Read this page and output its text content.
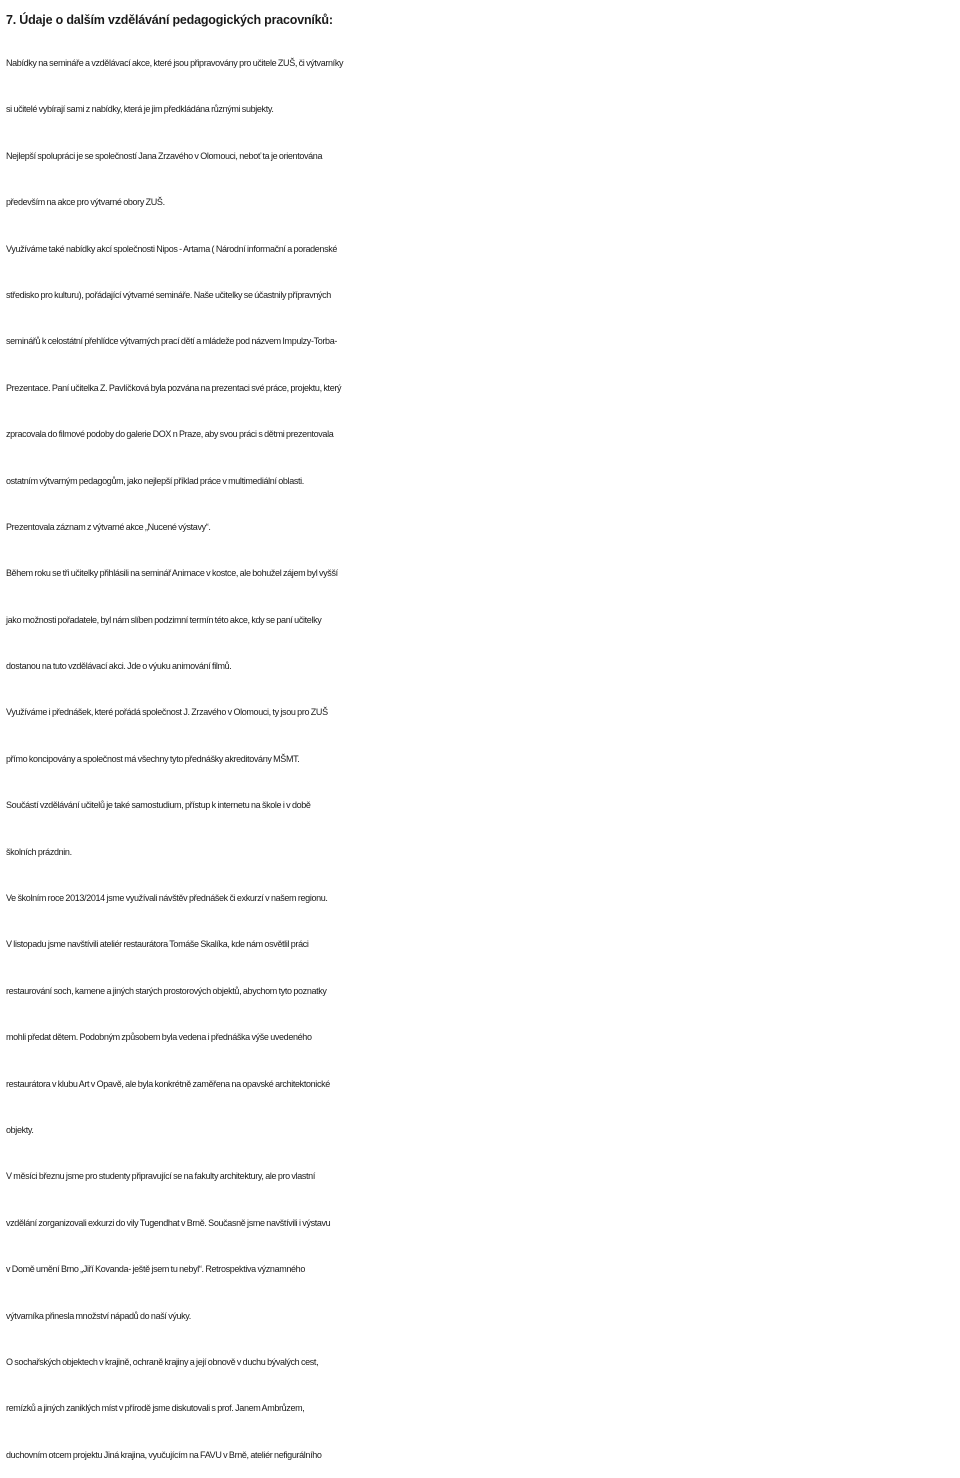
7. Údaje o dalším vzdělávání pedagogických pracovníků:
Nabídky na semináře a vzdělávací akce, které jsou připravovány pro učitele ZUŠ, či výtvarníky
si učitelé vybírají sami z nabídky, která je jim předkládána různými subjekty.
Nejlepší spolupráci je se společností Jana Zrzavého v Olomouci, neboť ta je orientována
především na akce pro výtvarné obory ZUŠ.
Využíváme také nabídky akcí společnosti Nipos - Artama ( Národní informační a poradenské
středisko pro kulturu), pořádající výtvarné semináře. Naše učitelky se účastnily přípravných
seminářů k celostátní přehlídce výtvarných prací dětí a mládeže pod názvem Impulzy-Torba-
Prezentace. Paní učitelka Z. Pavlíčková byla pozvána na prezentaci své práce, projektu, který
zpracovala do filmové podoby do galerie DOX n Praze, aby svou práci s dětmi prezentovala
ostatním výtvarným pedagogům, jako nejlepší příklad práce v multimediální oblasti.
Prezentovala záznam z výtvarné akce „Nucené výstavy“.
Během roku se tři učitelky přihlásili na seminář Animace v kostce, ale bohužel zájem byl vyšší
jako možnosti pořadatele, byl nám slíben podzimní termín této akce, kdy se paní učitelky
dostanou na tuto vzdělávací akci. Jde o výuku animování filmů.
Využíváme i přednášek, které pořádá společnost J. Zrzavého v Olomouci, ty jsou pro ZUŠ
přímo koncipovány a společnost má všechny tyto přednášky akreditovány MŠMT.
Součástí vzdělávání učitelů je také samostudium, přístup k internetu na škole i v době
školních prázdnin.
Ve školním roce 2013/2014 jsme využívali návštěv přednášek či exkurzí v našem regionu.
V listopadu jsme navštívili ateliér restaurátora Tomáše Skalíka, kde nám osvětlil práci
restaurování soch, kamene a jiných starých prostorových objektů, abychom tyto poznatky
mohli předat dětem. Podobným způsobem byla vedena i přednáška výše uvedeného
restaurátora v klubu Art v Opavě, ale byla konkrétně zaměřena na opavské architektonické
objekty.
V měsíci březnu jsme pro studenty připravující se na fakulty architektury, ale pro vlastní
vzdělání zorganizovali exkurzi do vily Tugendhat v Brně. Současně jsme navštívili i výstavu
v Domě umění Brno „Jiří Kovanda- ještě jsem tu nebyl“. Retrospektiva významného
výtvarníka přinesla množství nápadů do naší výuky.
O sochařských objektech v krajině, ochraně krajiny a její obnově v duchu bývalých cest,
remízků a jiných zaniklých míst v přírodě jsme diskutovali s prof. Janem Ambrůzem,
duchovním otcem projektu Jiná krajina, vyučujícím na FAVU v Brně, ateliér nefigurálního
